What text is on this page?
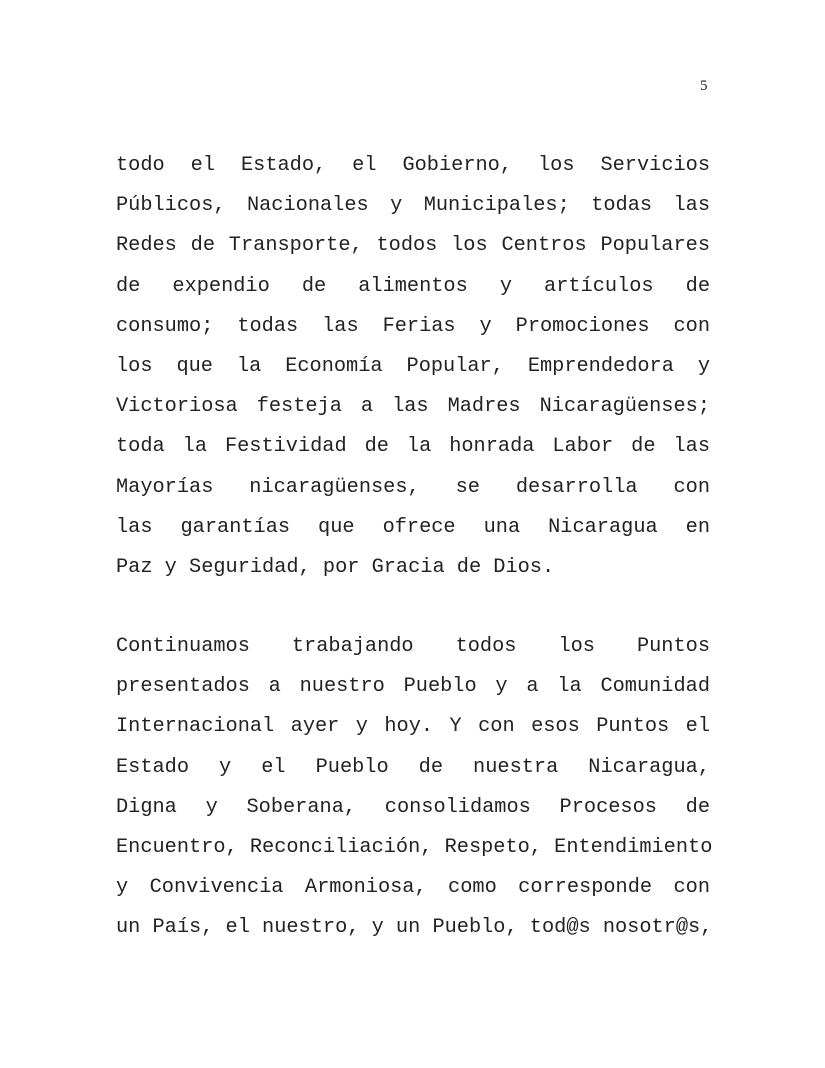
5
todo el Estado, el Gobierno, los Servicios
Públicos, Nacionales y Municipales; todas las
Redes de Transporte, todos los Centros Populares
de expendio de alimentos y artículos de
consumo; todas las Ferias y Promociones con
los que la Economía Popular, Emprendedora y
Victoriosa festeja a las Madres Nicaragüenses;
toda la Festividad de la honrada Labor de las
Mayorías nicaragüenses, se desarrolla con
las garantías que ofrece una Nicaragua en
Paz y Seguridad, por Gracia de Dios.
Continuamos trabajando todos los Puntos
presentados a nuestro Pueblo y a la Comunidad
Internacional ayer y hoy. Y con esos Puntos el
Estado y el Pueblo de nuestra Nicaragua,
Digna y Soberana, consolidamos Procesos de
Encuentro, Reconciliación, Respeto, Entendimiento
y Convivencia Armoniosa, como corresponde con
un País, el nuestro, y un Pueblo, tod@s nosotr@s,
